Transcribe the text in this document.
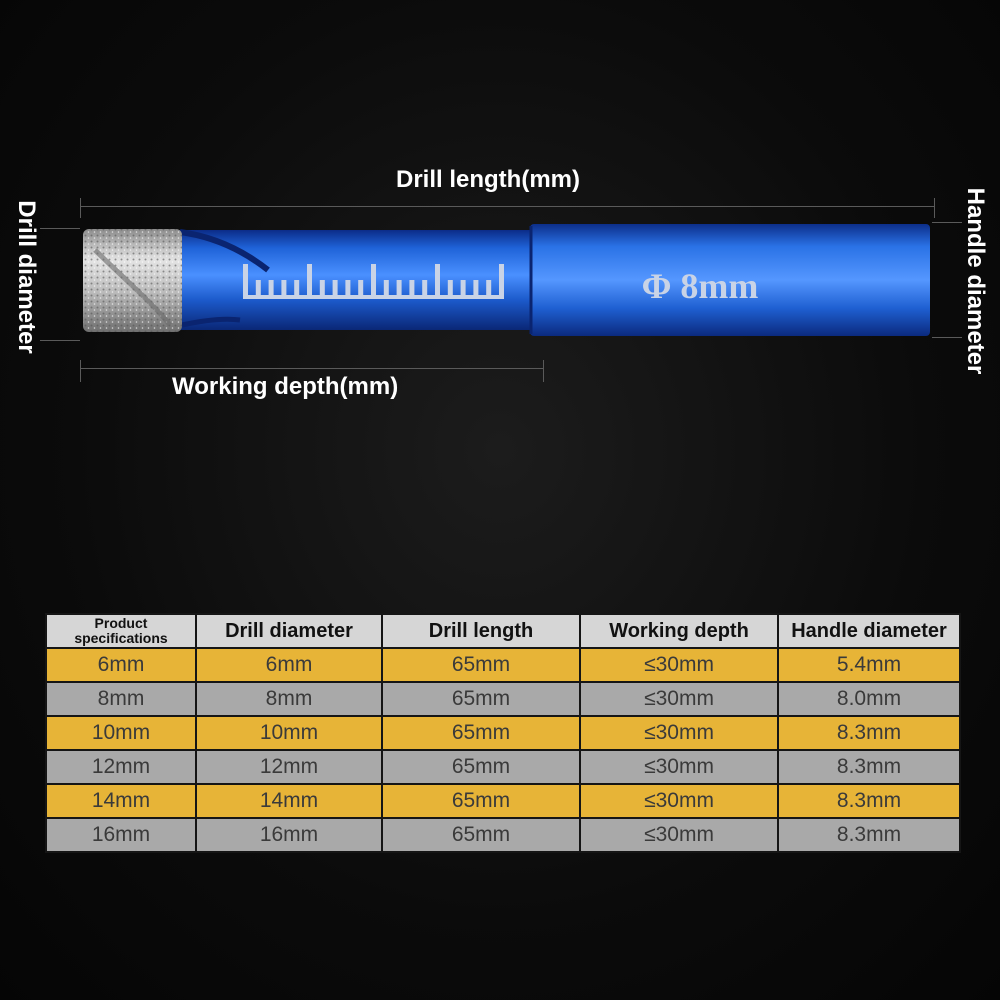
Φ 8mm
Drill length(mm)
Working depth(mm)
Drill diameter	Handle diameter
Product specifications	Drill diameter	Drill length	Working depth	Handle diameter
6mm	6mm	65mm	≤30mm	5.4mm
8mm	8mm	65mm	≤30mm	8.0mm
10mm	10mm	65mm	≤30mm	8.3mm
12mm	12mm	65mm	≤30mm	8.3mm
14mm	14mm	65mm	≤30mm	8.3mm
16mm	16mm	65mm	≤30mm	8.3mm
